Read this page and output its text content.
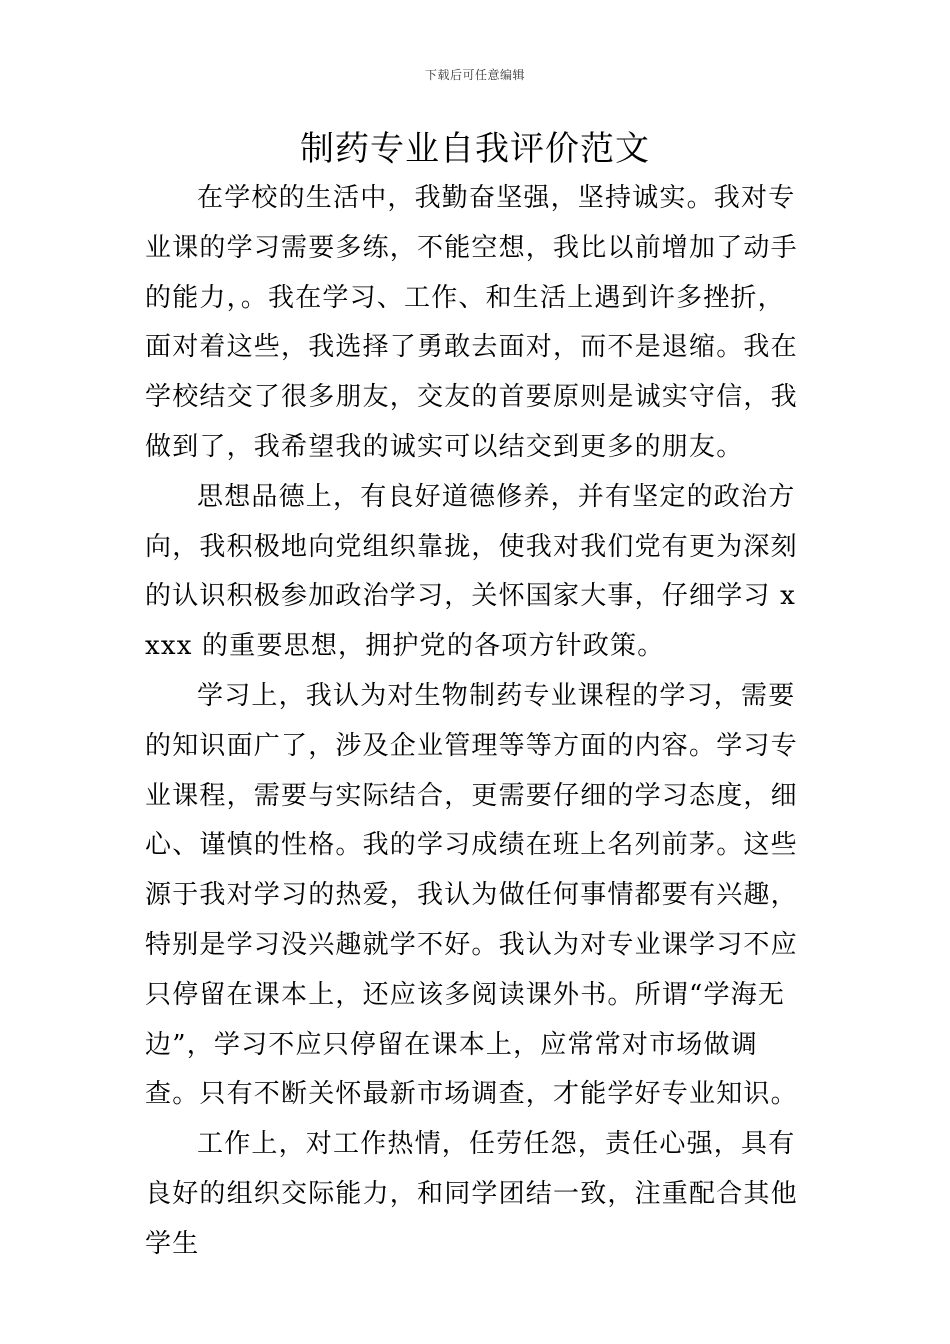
下载后可任意编辑
制药专业自我评价范文

在学校的生活中，我勤奋坚强，坚持诚实。我对专业课的学习需要多练，不能空想，我比以前增加了动手的能力，。我在学习、工作、和生活上遇到许多挫折，面对着这些，我选择了勇敢去面对，而不是退缩。我在学校结交了很多朋友，交友的首要原则是诚实守信，我做到了，我希望我的诚实可以结交到更多的朋友。

思想品德上，有良好道德修养，并有坚定的政治方向，我积极地向党组织靠拢，使我对我们党有更为深刻的认识积极参加政治学习，关怀国家大事，仔细学习 xxxx 的重要思想，拥护党的各项方针政策。

学习上，我认为对生物制药专业课程的学习，需要的知识面广了，涉及企业管理等等方面的内容。学习专业课程，需要与实际结合，更需要仔细的学习态度，细心、谨慎的性格。我的学习成绩在班上名列前茅。这些源于我对学习的热爱，我认为做任何事情都要有兴趣，特别是学习没兴趣就学不好。我认为对专业课学习不应只停留在课本上，还应该多阅读课外书。所谓“学海无边”，学习不应只停留在课本上，应常常对市场做调查。只有不断关怀最新市场调查，才能学好专业知识。

工作上，对工作热情，任劳任怨，责任心强，具有良好的组织交际能力，和同学团结一致，注重配合其他学生
